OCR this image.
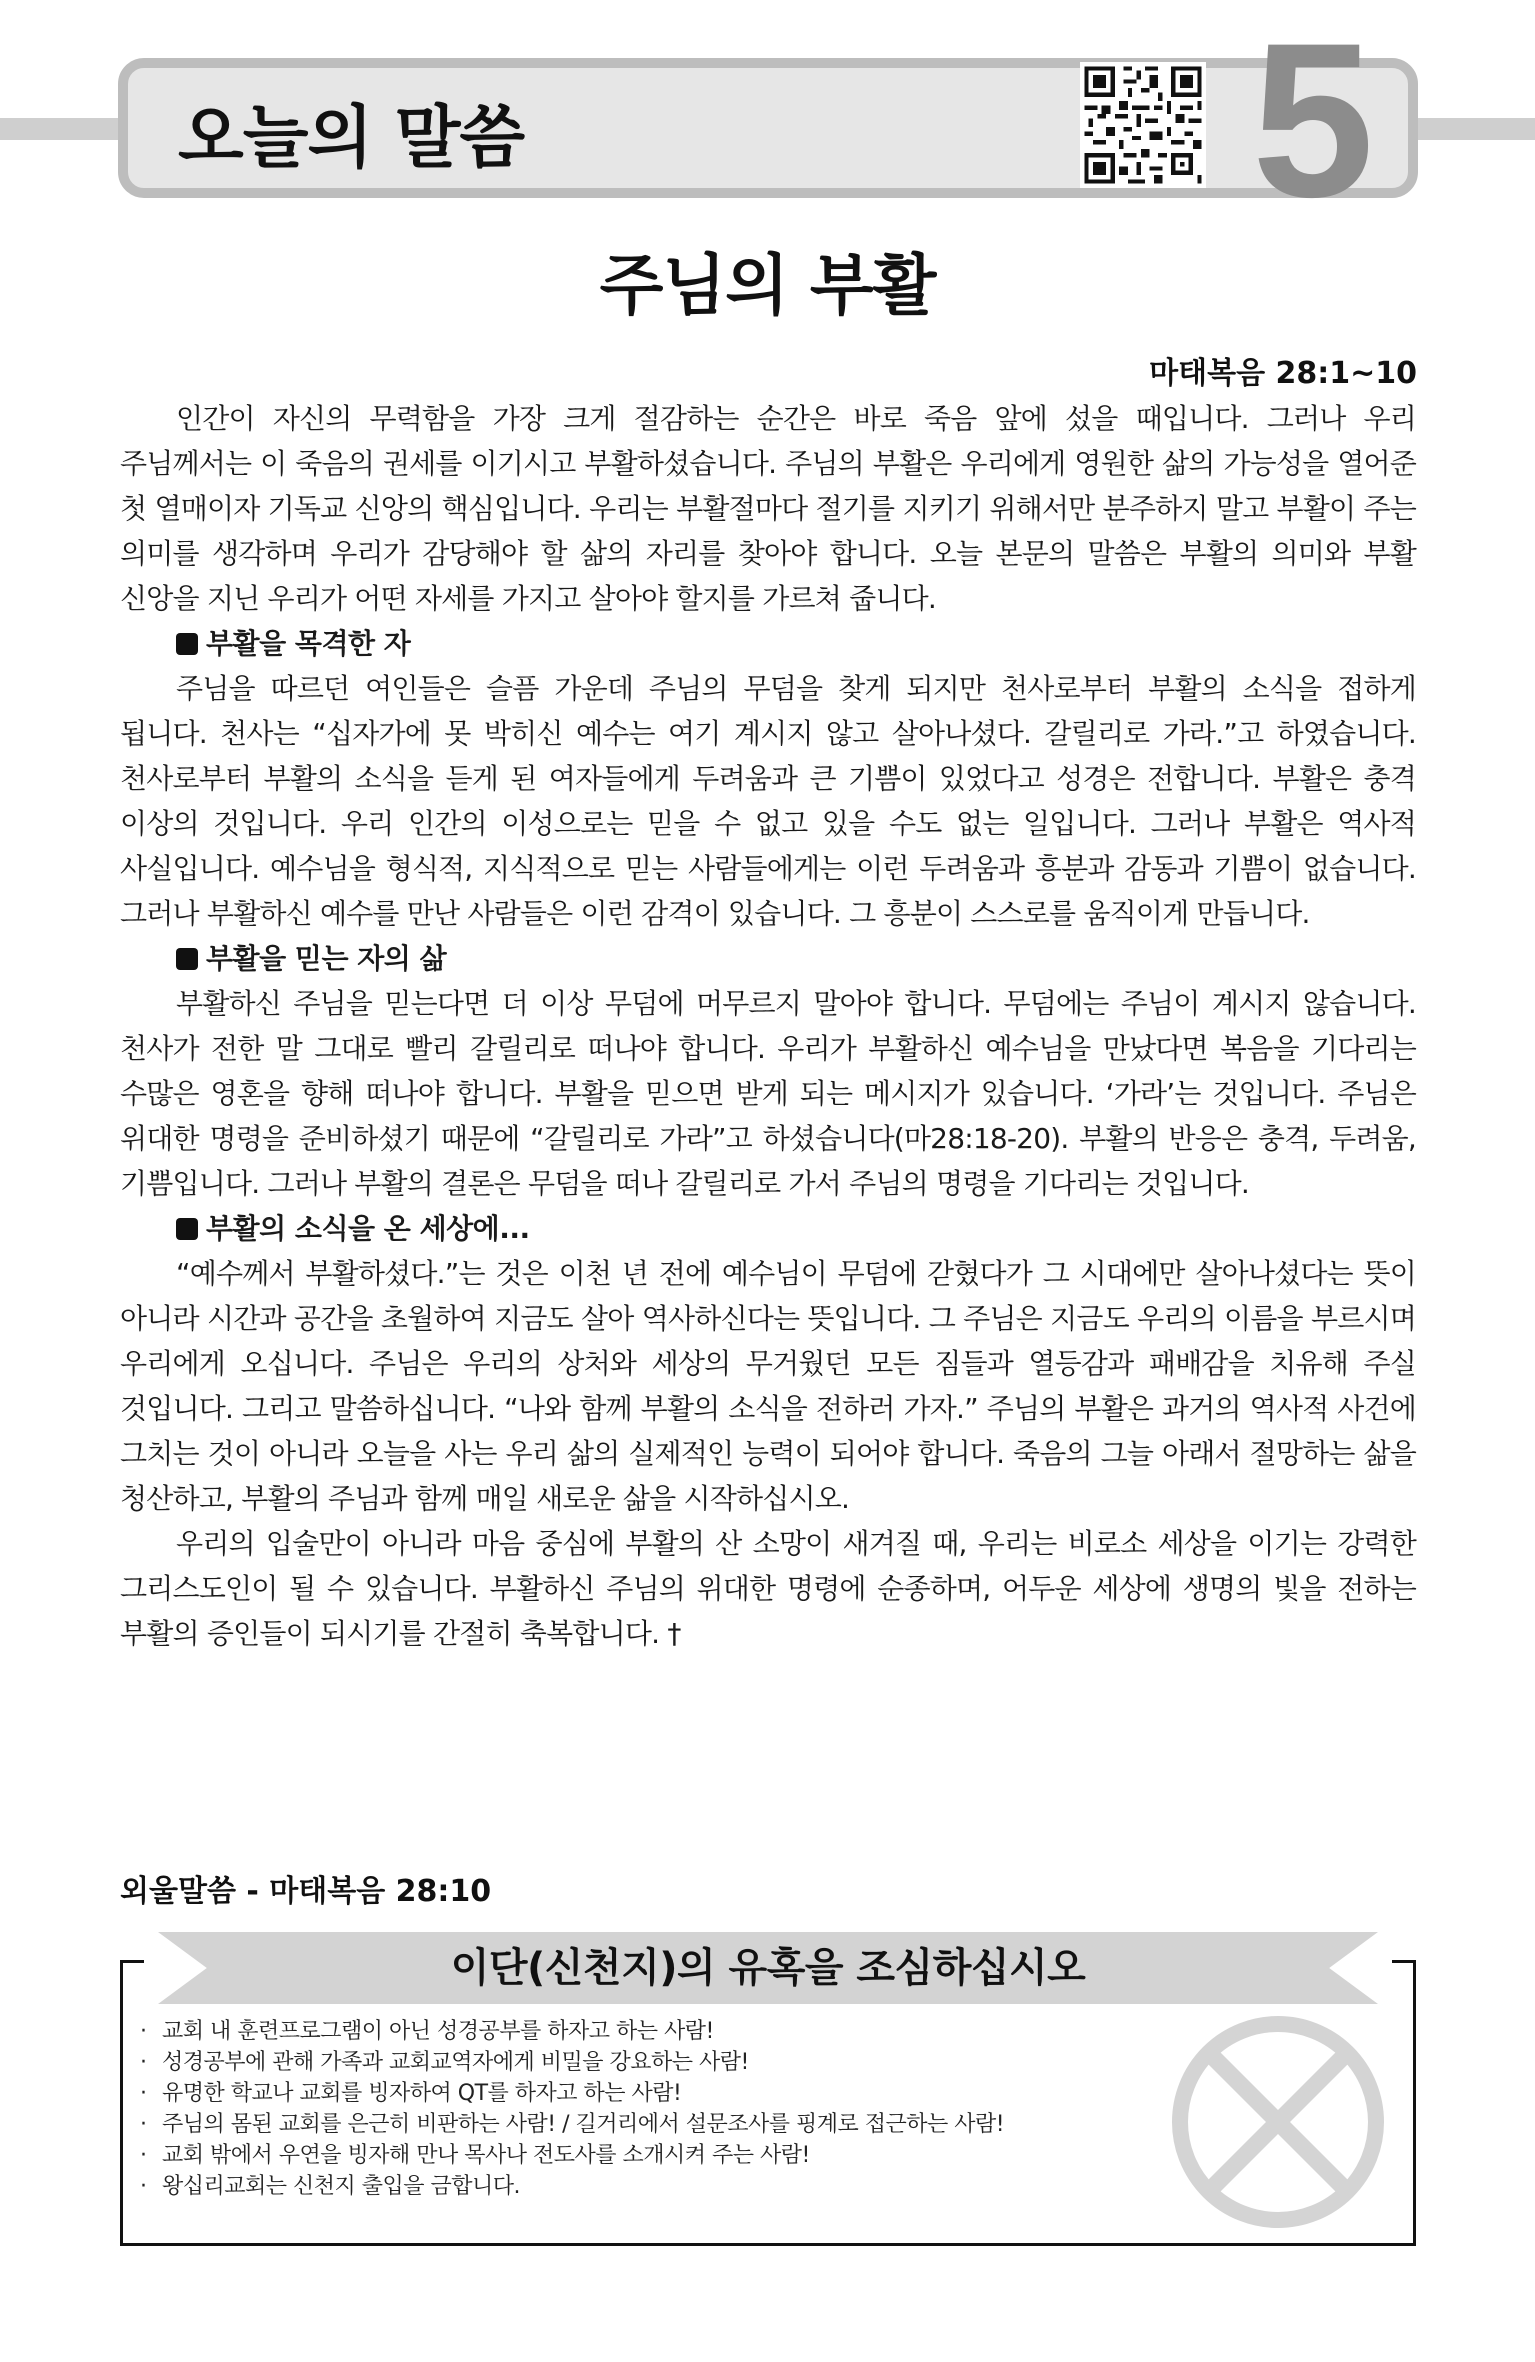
오늘의 말씀	5
주님의 부활
마태복음 28:1~10

인간이 자신의 무력함을 가장 크게 절감하는 순간은 바로 죽음 앞에 섰을 때입니다. 그러나 우리 주님께서는 이 죽음의 권세를 이기시고 부활하셨습니다. 주님의 부활은 우리에게 영원한 삶의 가능성을 열어준 첫 열매이자 기독교 신앙의 핵심입니다. 우리는 부활절마다 절기를 지키기 위해서만 분주하지 말고 부활이 주는 의미를 생각하며 우리가 감당해야 할 삶의 자리를 찾아야 합니다. 오늘 본문의 말씀은 부활의 의미와 부활 신앙을 지닌 우리가 어떤 자세를 가지고 살아야 할지를 가르쳐 줍니다.

부활을 목격한 자

주님을 따르던 여인들은 슬픔 가운데 주님의 무덤을 찾게 되지만 천사로부터 부활의 소식을 접하게 됩니다. 천사는 “십자가에 못 박히신 예수는 여기 계시지 않고 살아나셨다. 갈릴리로 가라.”고 하였습니다. 천사로부터 부활의 소식을 듣게 된 여자들에게 두려움과 큰 기쁨이 있었다고 성경은 전합니다. 부활은 충격 이상의 것입니다. 우리 인간의 이성으로는 믿을 수 없고 있을 수도 없는 일입니다. 그러나 부활은 역사적 사실입니다. 예수님을 형식적, 지식적으로 믿는 사람들에게는 이런 두려움과 흥분과 감동과 기쁨이 없습니다. 그러나 부활하신 예수를 만난 사람들은 이런 감격이 있습니다. 그 흥분이 스스로를 움직이게 만듭니다.

부활을 믿는 자의 삶

부활하신 주님을 믿는다면 더 이상 무덤에 머무르지 말아야 합니다. 무덤에는 주님이 계시지 않습니다. 천사가 전한 말 그대로 빨리 갈릴리로 떠나야 합니다. 우리가 부활하신 예수님을 만났다면 복음을 기다리는 수많은 영혼을 향해 떠나야 합니다. 부활을 믿으면 받게 되는 메시지가 있습니다. ‘가라’는 것입니다. 주님은 위대한 명령을 준비하셨기 때문에 “갈릴리로 가라”고 하셨습니다(마28:18-20). 부활의 반응은 충격, 두려움, 기쁨입니다. 그러나 부활의 결론은 무덤을 떠나 갈릴리로 가서 주님의 명령을 기다리는 것입니다.

부활의 소식을 온 세상에...

“예수께서 부활하셨다.”는 것은 이천 년 전에 예수님이 무덤에 갇혔다가 그 시대에만 살아나셨다는 뜻이 아니라 시간과 공간을 초월하여 지금도 살아 역사하신다는 뜻입니다. 그 주님은 지금도 우리의 이름을 부르시며 우리에게 오십니다. 주님은 우리의 상처와 세상의 무거웠던 모든 짐들과 열등감과 패배감을 치유해 주실 것입니다. 그리고 말씀하십니다. “나와 함께 부활의 소식을 전하러 가자.” 주님의 부활은 과거의 역사적 사건에 그치는 것이 아니라 오늘을 사는 우리 삶의 실제적인 능력이 되어야 합니다. 죽음의 그늘 아래서 절망하는 삶을 청산하고, 부활의 주님과 함께 매일 새로운 삶을 시작하십시오.

우리의 입술만이 아니라 마음 중심에 부활의 산 소망이 새겨질 때, 우리는 비로소 세상을 이기는 강력한 그리스도인이 될 수 있습니다. 부활하신 주님의 위대한 명령에 순종하며, 어두운 세상에 생명의 빛을 전하는 부활의 증인들이 되시기를 간절히 축복합니다. †

외울말씀 - 마태복음 28:10
이단(신천지)의 유혹을 조심하십시오
· 교회 내 훈련프로그램이 아닌 성경공부를 하자고 하는 사람!
· 성경공부에 관해 가족과 교회교역자에게 비밀을 강요하는 사람!
· 유명한 학교나 교회를 빙자하여 QT를 하자고 하는 사람!
· 주님의 몸된 교회를 은근히 비판하는 사람! / 길거리에서 설문조사를 핑계로 접근하는 사람!
· 교회 밖에서 우연을 빙자해 만나 목사나 전도사를 소개시켜 주는 사람!
· 왕십리교회는 신천지 출입을 금합니다.
